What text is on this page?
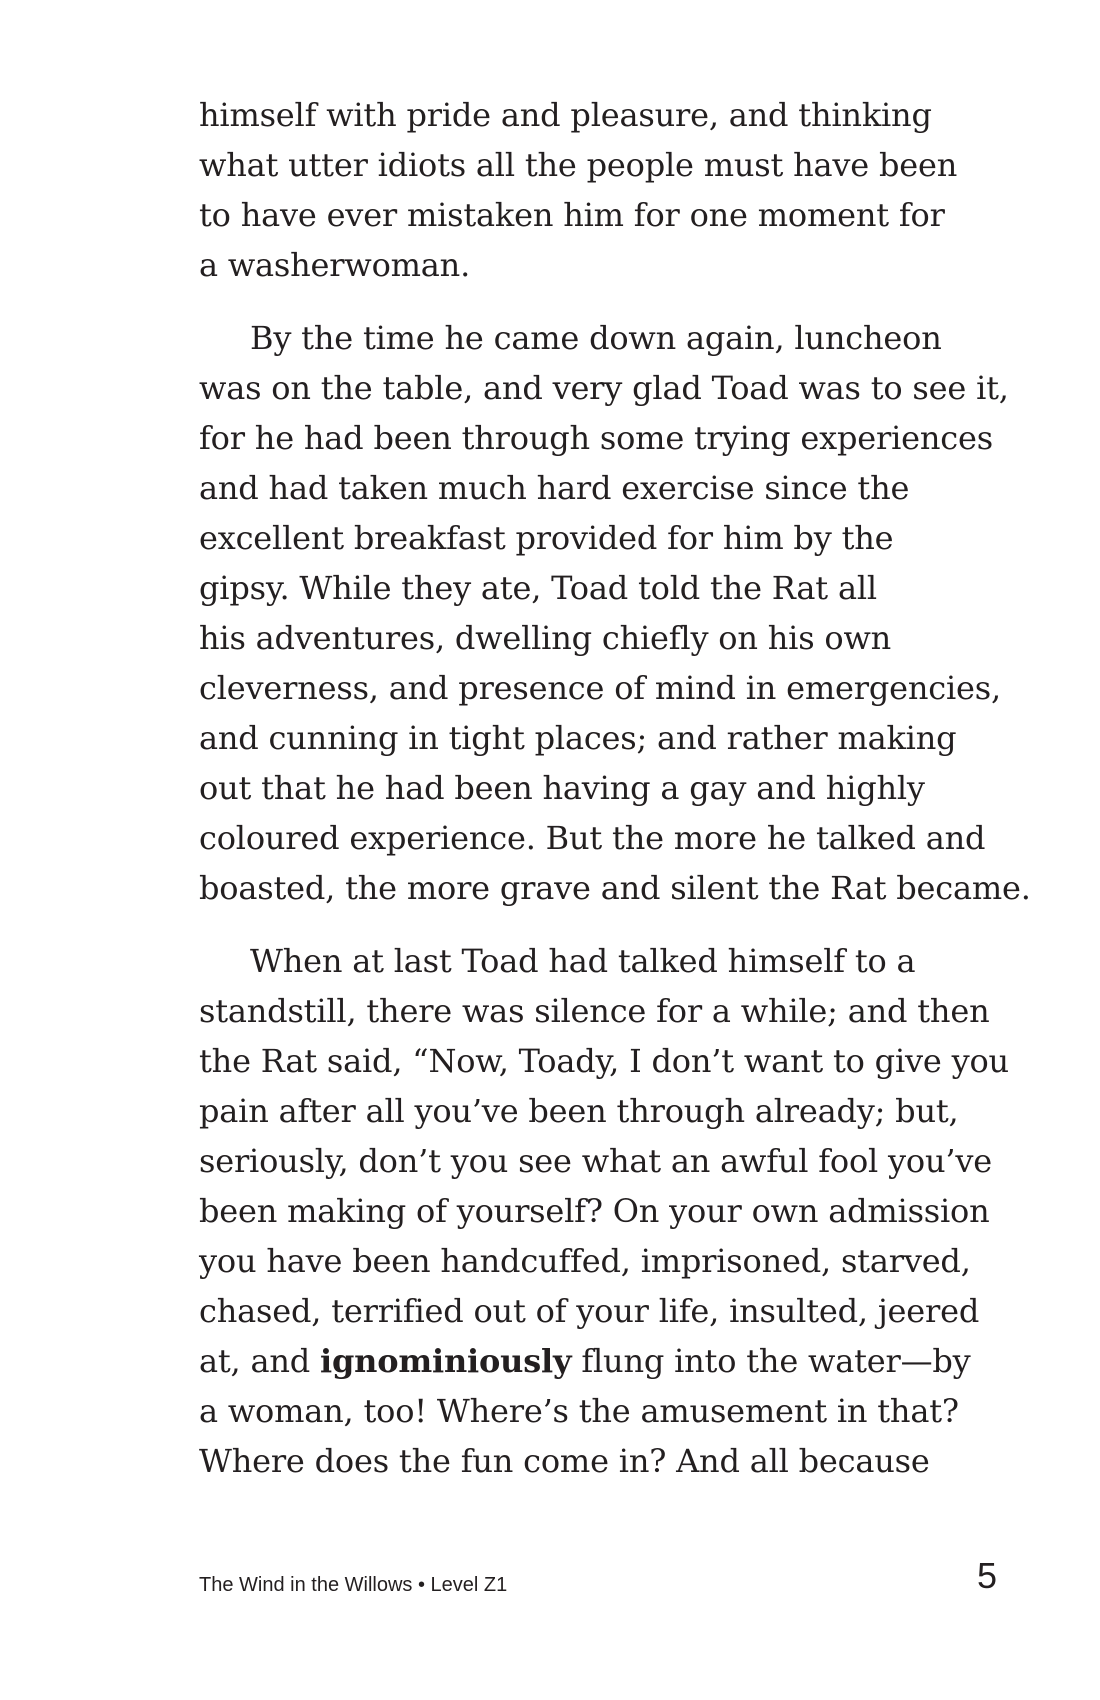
himself with pride and pleasure, and thinking
what utter idiots all the people must have been
to have ever mistaken him for one moment for
a washerwoman.

By the time he came down again, luncheon
was on the table, and very glad Toad was to see it,
for he had been through some trying experiences
and had taken much hard exercise since the
excellent breakfast provided for him by the
gipsy. While they ate, Toad told the Rat all
his adventures, dwelling chiefly on his own
cleverness, and presence of mind in emergencies,
and cunning in tight places; and rather making
out that he had been having a gay and highly
coloured experience. But the more he talked and
boasted, the more grave and silent the Rat became.

When at last Toad had talked himself to a
standstill, there was silence for a while; and then
the Rat said, “Now, Toady, I don’t want to give you
pain after all you’ve been through already; but,
seriously, don’t you see what an awful fool you’ve
been making of yourself? On your own admission
you have been handcuffed, imprisoned, starved,
chased, terrified out of your life, insulted, jeered
at, and ignominiously flung into the water—by
a woman, too! Where’s the amusement in that?
Where does the fun come in? And all because

The Wind in the Willows • Level Z1	5
